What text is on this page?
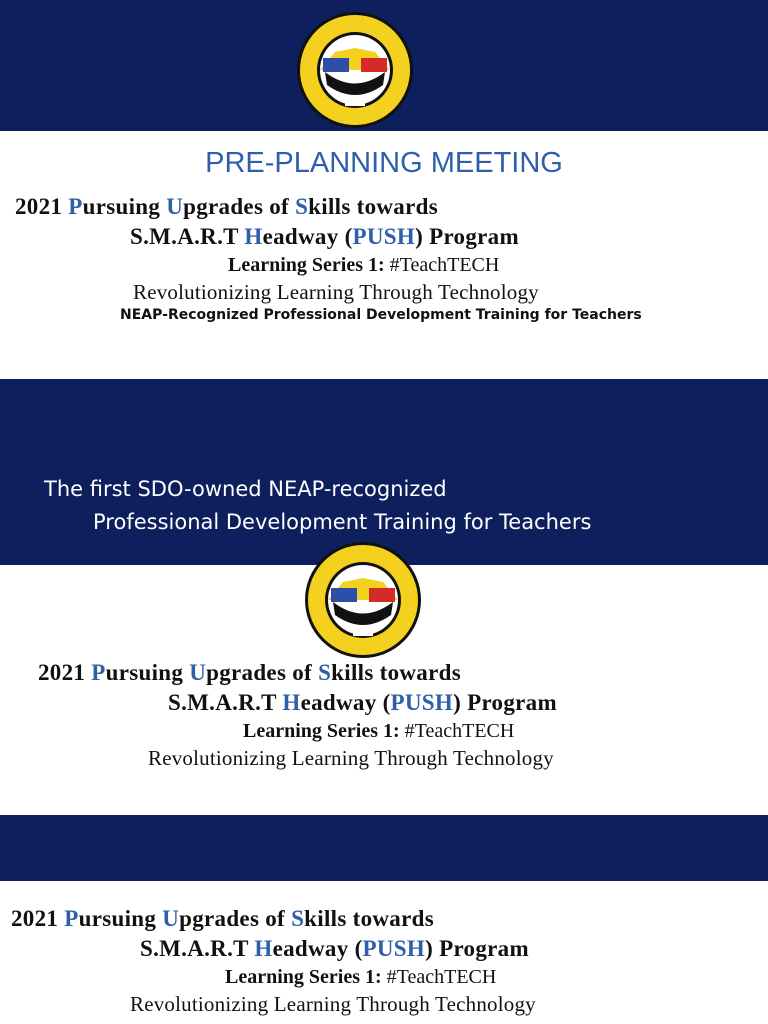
PRE-PLANNING MEETING
2021 Pursuing Upgrades of Skills towards
S.M.A.R.T Headway (PUSH) Program
Learning Series 1: #TeachTECH
Revolutionizing Learning Through Technology
NEAP-Recognized Professional Development Training for Teachers
The first SDO-owned NEAP-recognized
Professional Development Training for Teachers
2021 Pursuing Upgrades of Skills towards
S.M.A.R.T Headway (PUSH) Program
Learning Series 1: #TeachTECH
Revolutionizing Learning Through Technology
2021 Pursuing Upgrades of Skills towards
S.M.A.R.T Headway (PUSH) Program
Learning Series 1: #TeachTECH
Revolutionizing Learning Through Technology
